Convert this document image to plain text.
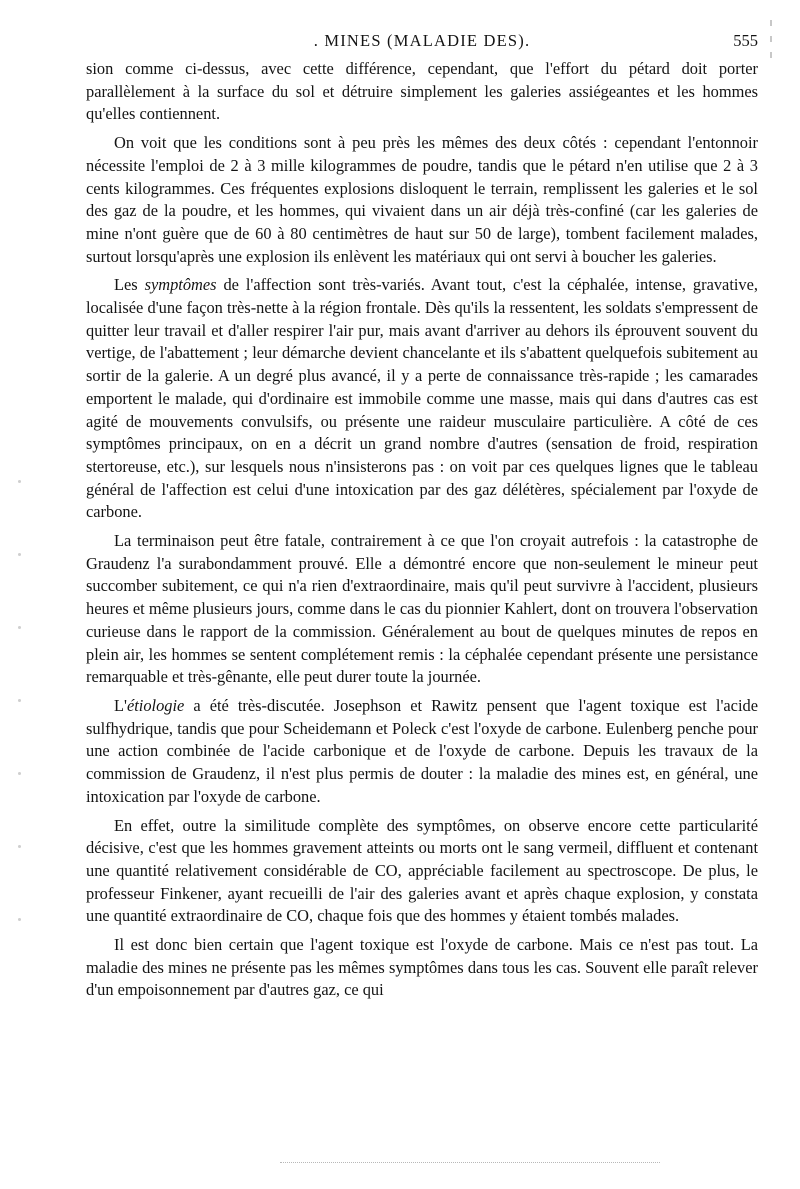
. MINES (MALADIE DES).	555

sion comme ci-dessus, avec cette différence, cependant, que l'effort du pétard doit porter parallèlement à la surface du sol et détruire simplement les galeries assiégeantes et les hommes qu'elles contiennent.

On voit que les conditions sont à peu près les mêmes des deux côtés : cependant l'entonnoir nécessite l'emploi de 2 à 3 mille kilogrammes de poudre, tandis que le pétard n'en utilise que 2 à 3 cents kilogrammes. Ces fréquentes explosions disloquent le terrain, remplissent les galeries et le sol des gaz de la poudre, et les hommes, qui vivaient dans un air déjà très-confiné (car les galeries de mine n'ont guère que de 60 à 80 centimètres de haut sur 50 de large), tombent facilement malades, surtout lorsqu'après une explosion ils enlèvent les matériaux qui ont servi à boucher les galeries.

Les symptômes de l'affection sont très-variés. Avant tout, c'est la céphalée, intense, gravative, localisée d'une façon très-nette à la région frontale. Dès qu'ils la ressentent, les soldats s'empressent de quitter leur travail et d'aller respirer l'air pur, mais avant d'arriver au dehors ils éprouvent souvent du vertige, de l'abattement ; leur démarche devient chancelante et ils s'abattent quelquefois subitement au sortir de la galerie. A un degré plus avancé, il y a perte de connaissance très-rapide ; les camarades emportent le malade, qui d'ordinaire est immobile comme une masse, mais qui dans d'autres cas est agité de mouvements convulsifs, ou présente une raideur musculaire particulière. A côté de ces symptômes principaux, on en a décrit un grand nombre d'autres (sensation de froid, respiration stertoreuse, etc.), sur lesquels nous n'insisterons pas : on voit par ces quelques lignes que le tableau général de l'affection est celui d'une intoxication par des gaz délétères, spécialement par l'oxyde de carbone.

La terminaison peut être fatale, contrairement à ce que l'on croyait autrefois : la catastrophe de Graudenz l'a surabondamment prouvé. Elle a démontré encore que non-seulement le mineur peut succomber subitement, ce qui n'a rien d'extraordinaire, mais qu'il peut survivre à l'accident, plusieurs heures et même plusieurs jours, comme dans le cas du pionnier Kahlert, dont on trouvera l'observation curieuse dans le rapport de la commission. Généralement au bout de quelques minutes de repos en plein air, les hommes se sentent complétement remis : la céphalée cependant présente une persistance remarquable et très-gênante, elle peut durer toute la journée.

L'étiologie a été très-discutée. Josephson et Rawitz pensent que l'agent toxique est l'acide sulfhydrique, tandis que pour Scheidemann et Poleck c'est l'oxyde de carbone. Eulenberg penche pour une action combinée de l'acide carbonique et de l'oxyde de carbone. Depuis les travaux de la commission de Graudenz, il n'est plus permis de douter : la maladie des mines est, en général, une intoxication par l'oxyde de carbone.

En effet, outre la similitude complète des symptômes, on observe encore cette particularité décisive, c'est que les hommes gravement atteints ou morts ont le sang vermeil, diffluent et contenant une quantité relativement considérable de CO, appréciable facilement au spectroscope. De plus, le professeur Finkener, ayant recueilli de l'air des galeries avant et après chaque explosion, y constata une quantité extraordinaire de CO, chaque fois que des hommes y étaient tombés malades.

Il est donc bien certain que l'agent toxique est l'oxyde de carbone. Mais ce n'est pas tout. La maladie des mines ne présente pas les mêmes symptômes dans tous les cas. Souvent elle paraît relever d'un empoisonnement par d'autres gaz, ce qui
